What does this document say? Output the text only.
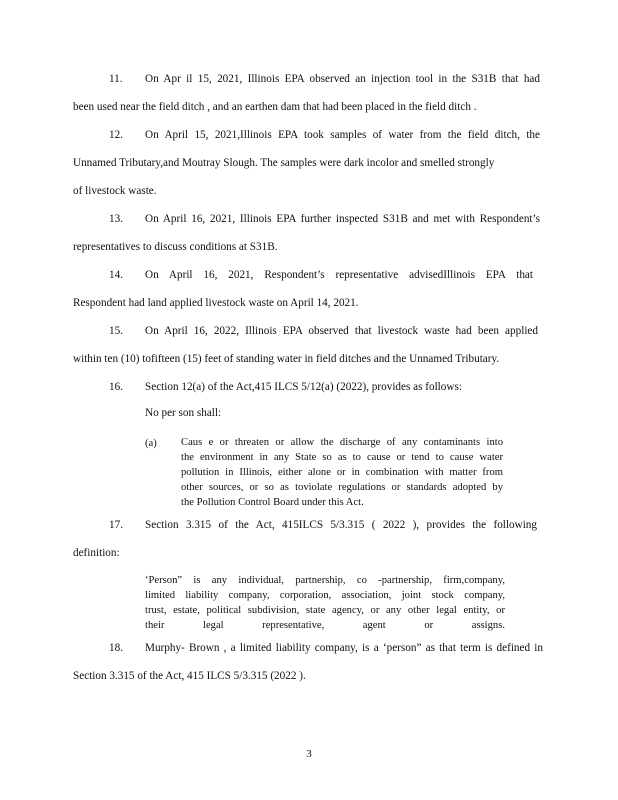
11. On Apr il 15, 2021, Illinois EPA observed an injection tool in the S31B that had
been used near the field ditch , and an earthen dam that had been placed in the field ditch .
12. On April 15, 2021,Illinois EPA took samples of water from the field ditch, the
Unnamed Tributary,and Moutray Slough. The samples were dark incolor and smelled strongly
of livestock waste.
13. On April 16, 2021, Illinois EPA further inspected S31B and met with Respondent’s
representatives to discuss conditions at S31B.
14. On April 16, 2021, Respondent’s representative advisedIllinois EPA that
Respondent had land applied livestock waste on April 14, 2021.
15. On April 16, 2022, Illinois EPA observed that livestock waste had been applied
within ten (10) tofifteen (15) feet of standing water in field ditches and the Unnamed Tributary.
16. Section 12(a) of the Act,415 ILCS 5/12(a) (2022), provides as follows:
No per son shall:
(a) Caus e or threaten or allow the discharge of any contaminants into
the environment in any State so as to cause or tend to cause water
pollution in Illinois, either alone or in combination with matter from
other sources, or so as toviolate regulations or standards adopted by
the Pollution Control Board under this Act.
17. Section 3.315 of the Act, 415ILCS 5/3.315 ( 2022 ), provides the following
definition:
‘Person” is any individual, partnership, co -partnership, firm,company,
limited liability company, corporation, association, joint stock company,
trust, estate, political subdivision, state agency, or any other legal entity, or
their legal representative, agent or assigns.
18. Murphy- Brown , a limited liability company, is a ‘person” as that term is defined in
Section 3.315 of the Act, 415 ILCS 5/3.315 (2022 ).
3
